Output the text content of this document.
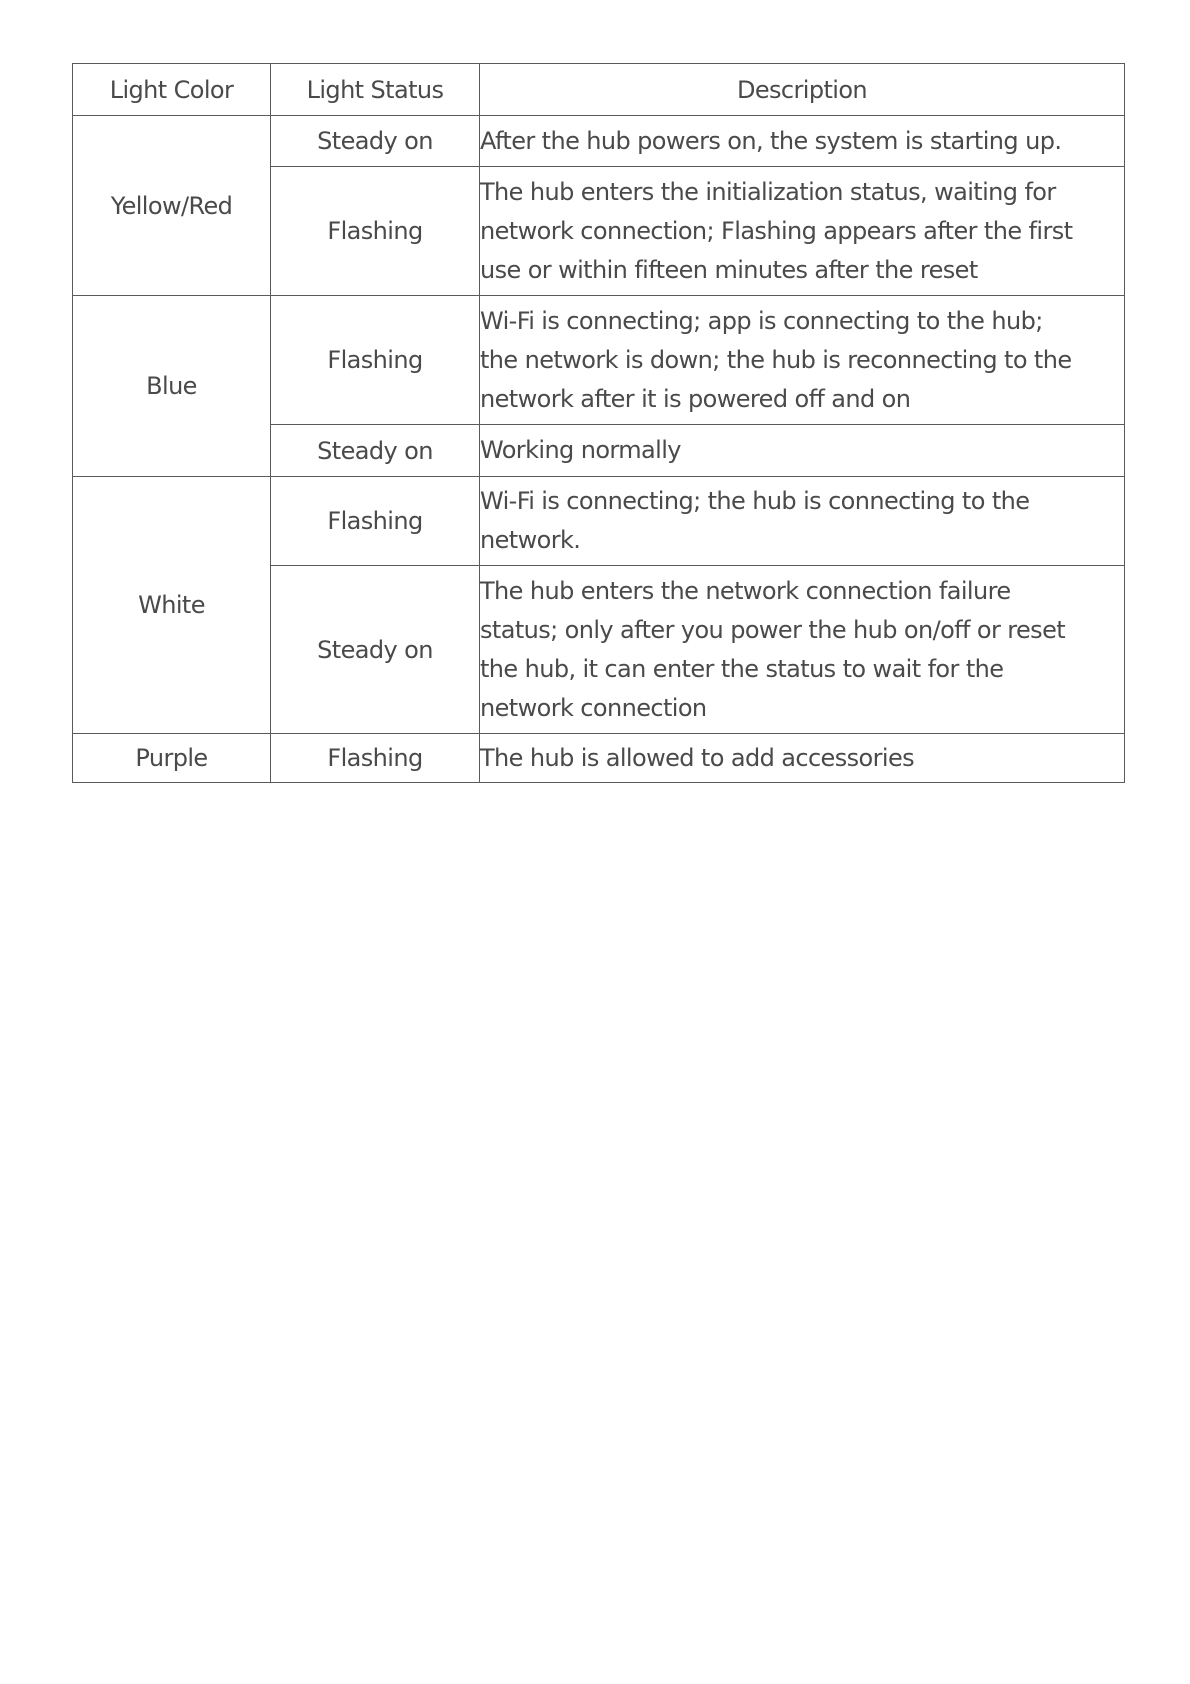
Light Color	Light Status	Description
Yellow/Red	Steady on	After the hub powers on, the system is starting up.

	Flashing	The hub enters the initialization status, waiting for
network connection; Flashing appears after the first
use or within fifteen minutes after the reset

Blue	Flashing	Wi-Fi is connecting; app is connecting to the hub;
the network is down; the hub is reconnecting to the
network after it is powered off and on

	Steady on	Working normally

White	Flashing	Wi-Fi is connecting; the hub is connecting to the
network.

	Steady on	The hub enters the network connection failure
status; only after you power the hub on/off or reset
the hub, it can enter the status to wait for the
network connection

Purple	Flashing	The hub is allowed to add accessories
